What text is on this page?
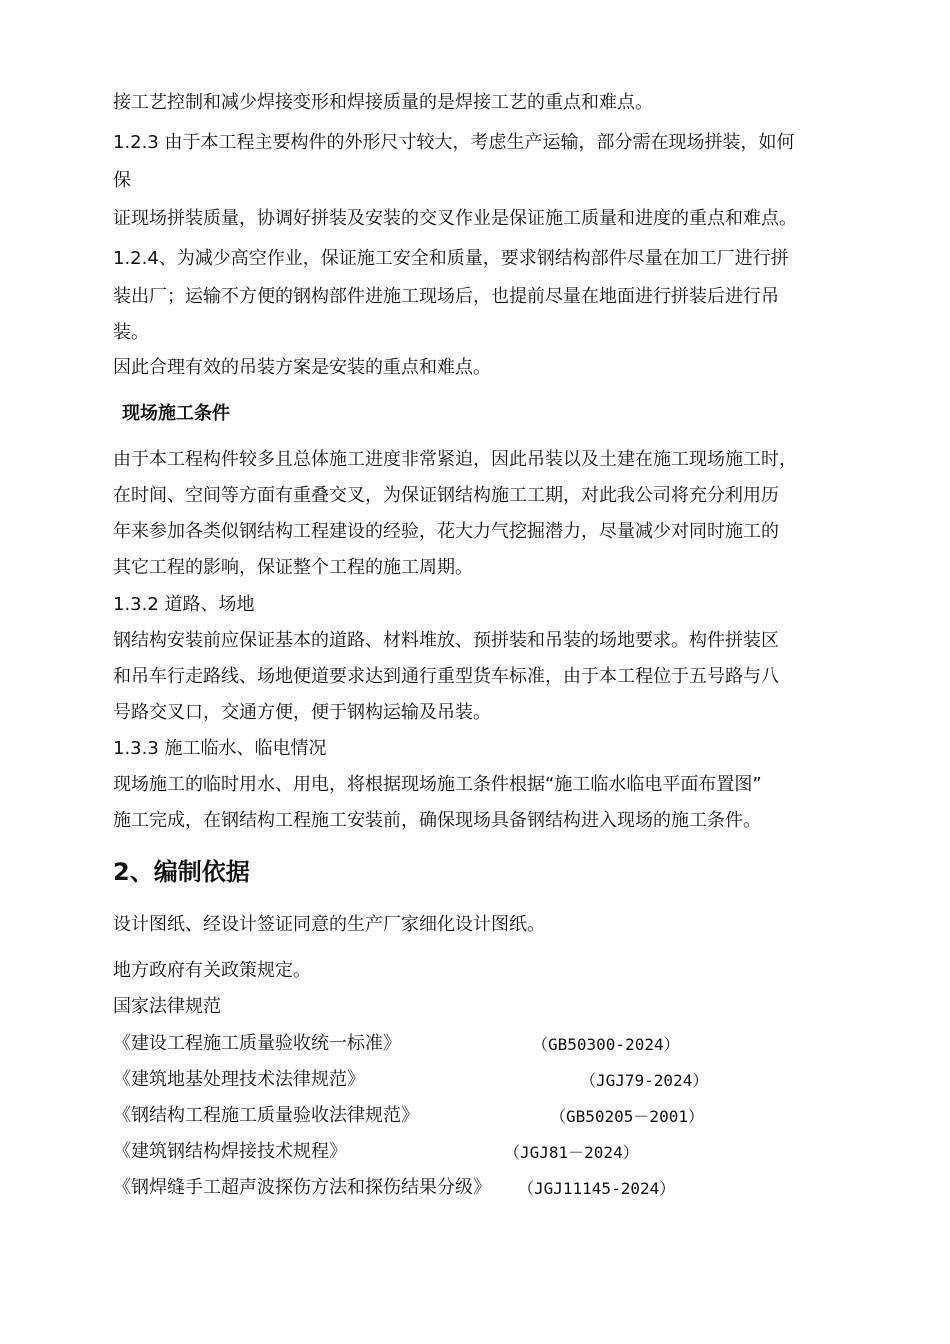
接工艺控制和减少焊接变形和焊接质量的是焊接工艺的重点和难点。
1.2.3 由于本工程主要构件的外形尺寸较大，考虑生产运输，部分需在现场拼装，如何
保
证现场拼装质量，协调好拼装及安装的交叉作业是保证施工质量和进度的重点和难点。
1.2.4、为减少高空作业，保证施工安全和质量，要求钢结构部件尽量在加工厂进行拼
装出厂；运输不方便的钢构部件进施工现场后，也提前尽量在地面进行拼装后进行吊
装。
因此合理有效的吊装方案是安装的重点和难点。
现场施工条件
由于本工程构件较多且总体施工进度非常紧迫，因此吊装以及土建在施工现场施工时，
在时间、空间等方面有重叠交叉，为保证钢结构施工工期，对此我公司将充分利用历
年来参加各类似钢结构工程建设的经验，花大力气挖掘潜力，尽量减少对同时施工的
其它工程的影响，保证整个工程的施工周期。
1.3.2 道路、场地
钢结构安装前应保证基本的道路、材料堆放、预拼装和吊装的场地要求。构件拼装区
和吊车行走路线、场地便道要求达到通行重型货车标准，由于本工程位于五号路与八
号路交叉口，交通方便，便于钢构运输及吊装。
1.3.3 施工临水、临电情况
现场施工的临时用水、用电，将根据现场施工条件根据“施工临水临电平面布置图”
施工完成，在钢结构工程施工安装前，确保现场具备钢结构进入现场的施工条件。
2、编制依据
设计图纸、经设计签证同意的生产厂家细化设计图纸。
地方政府有关政策规定。
国家法律规范
《建设工程施工质量验收统一标准》	（GB50300-2024）
《建筑地基处理技术法律规范》	（JGJ79-2024）
《钢结构工程施工质量验收法律规范》	（GB50205－2001）
《建筑钢结构焊接技术规程》	（JGJ81－2024）
《钢焊缝手工超声波探伤方法和探伤结果分级》 （JGJ11145-2024）
